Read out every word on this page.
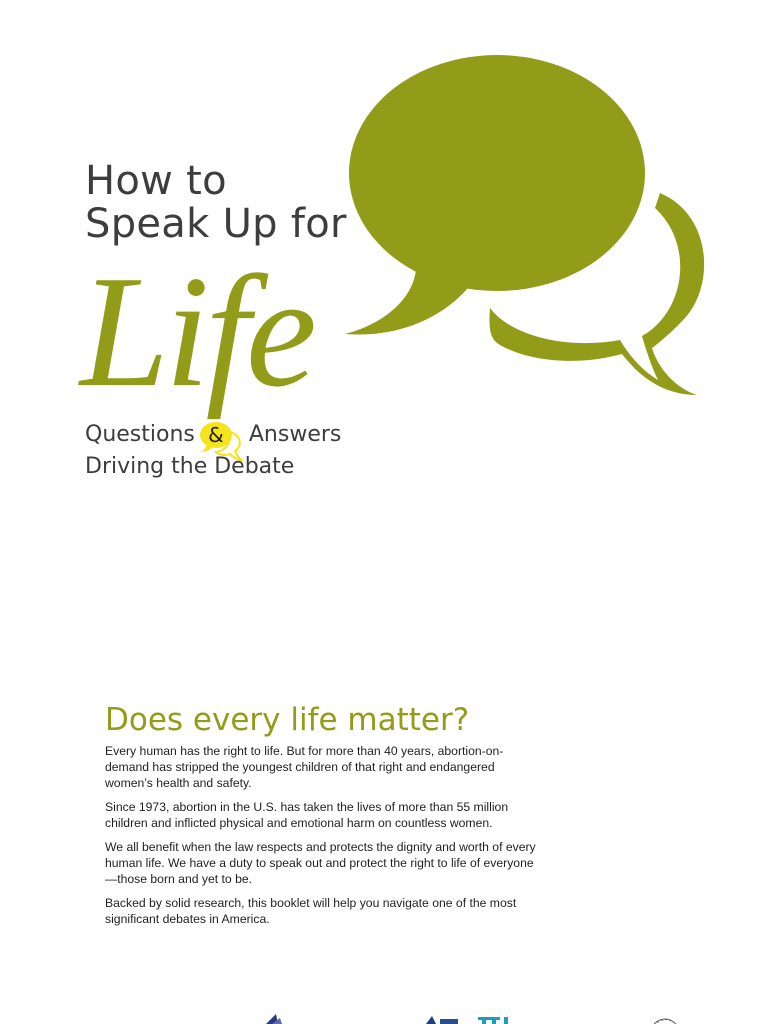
How to
Speak Up for
Life
Questions &	Answers
Driving the Debate
Does every life matter?

Every human has the right to life. But for more than 40 years, abortion-on-demand has stripped the youngest children of that right and endangered women’s health and safety.

Since 1973, abortion in the U.S. has taken the lives of more than 55 million children and inflicted physical and emotional harm on countless women.

We all benefit when the law respects and protects the dignity and worth of every human life. We have a duty to speak out and protect the right to life of everyone—those born and yet to be.

Backed by solid research, this booklet will help you navigate one of the most significant debates in America.
